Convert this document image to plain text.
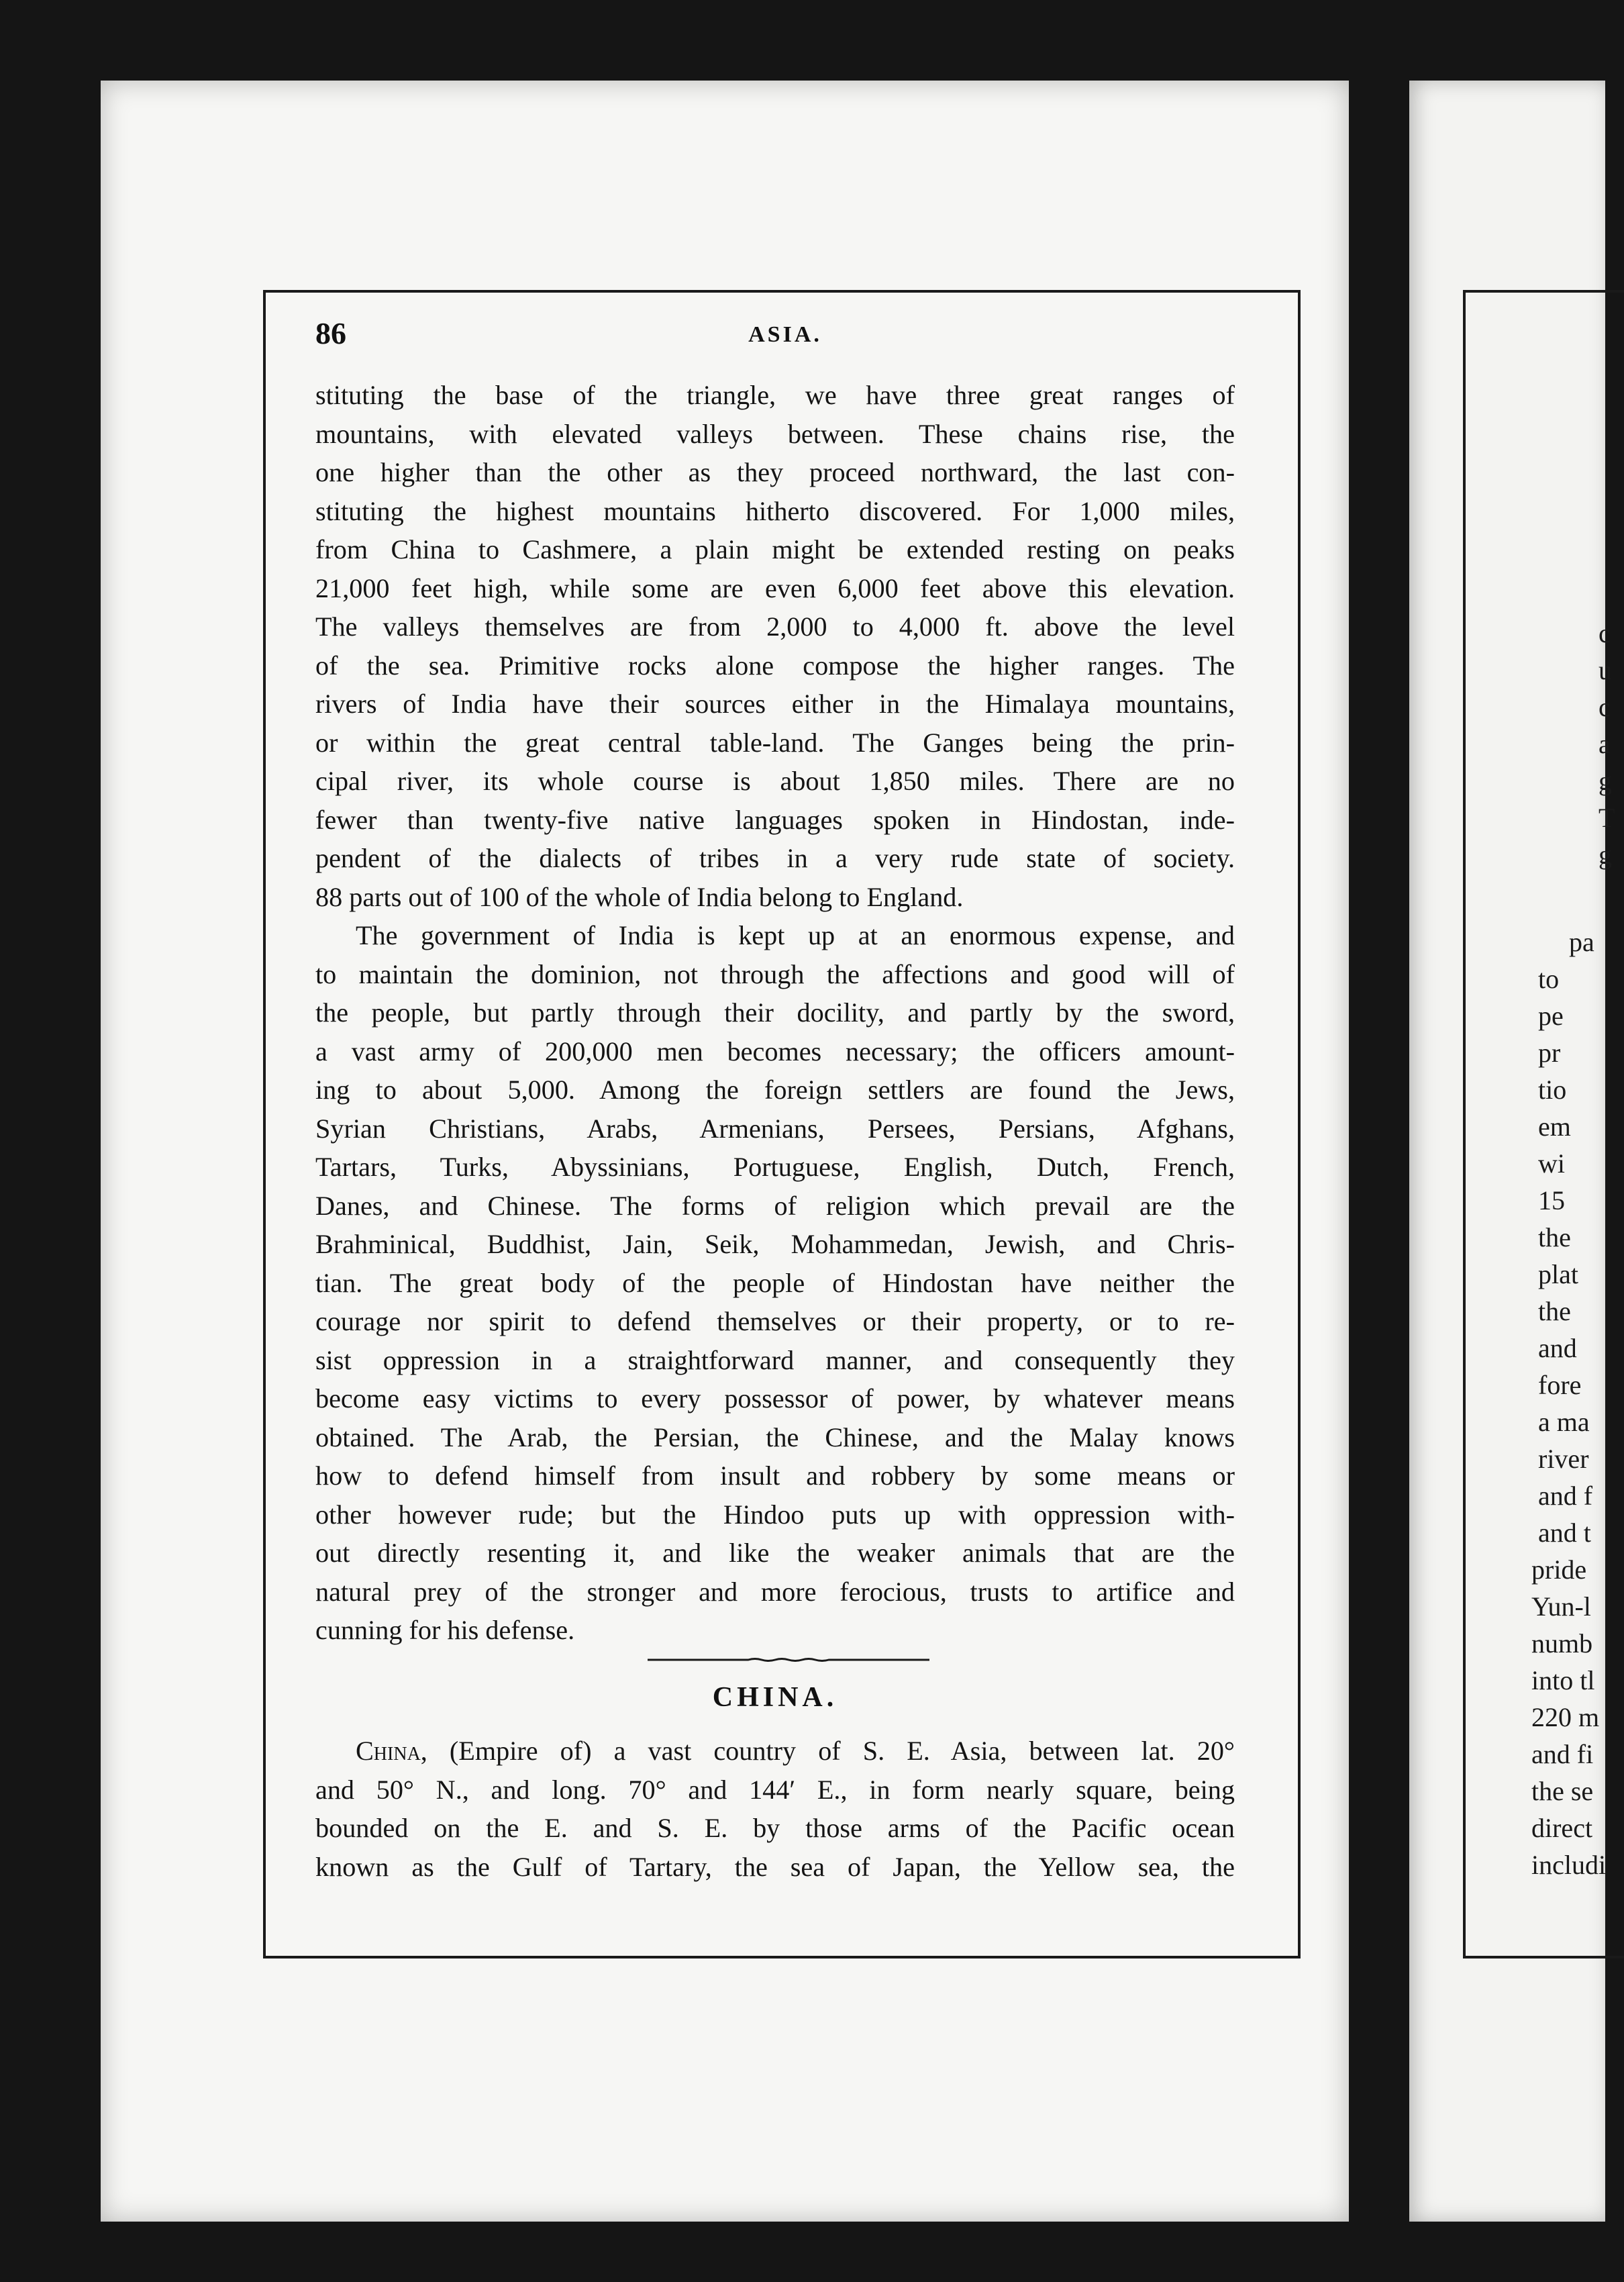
86	ASIA.
stituting the base of the triangle, we have three great ranges of
mountains, with elevated valleys between. These chains rise, the
one higher than the other as they proceed northward, the last con-
stituting the highest mountains hitherto discovered. For 1,000 miles,
from China to Cashmere, a plain might be extended resting on peaks
21,000 feet high, while some are even 6,000 feet above this elevation.
The valleys themselves are from 2,000 to 4,000 ft. above the level
of the sea. Primitive rocks alone compose the higher ranges. The
rivers of India have their sources either in the Himalaya mountains,
or within the great central table-land. The Ganges being the prin-
cipal river, its whole course is about 1,850 miles. There are no
fewer than twenty-five native languages spoken in Hindostan, inde-
pendent of the dialects of tribes in a very rude state of society.
88 parts out of 100 of the whole of India belong to England.
The government of India is kept up at an enormous expense, and
to maintain the dominion, not through the affections and good will of
the people, but partly through their docility, and partly by the sword,
a vast army of 200,000 men becomes necessary; the officers amount-
ing to about 5,000. Among the foreign settlers are found the Jews,
Syrian Christians, Arabs, Armenians, Persees, Persians, Afghans,
Tartars, Turks, Abyssinians, Portuguese, English, Dutch, French,
Danes, and Chinese. The forms of religion which prevail are the
Brahminical, Buddhist, Jain, Seik, Mohammedan, Jewish, and Chris-
tian. The great body of the people of Hindostan have neither the
courage nor spirit to defend themselves or their property, or to re-
sist oppression in a straightforward manner, and consequently they
become easy victims to every possessor of power, by whatever means
obtained. The Arab, the Persian, the Chinese, and the Malay knows
how to defend himself from insult and robbery by some means or
other however rude; but the Hindoo puts up with oppression with-
out directly resenting it, and like the weaker animals that are the
natural prey of the stronger and more ferocious, trusts to artifice and
cunning for his defense.
CHINA.
China, (Empire of) a vast country of S. E. Asia, between lat. 20°
and 50° N., and long. 70° and 144′ E., in form nearly square, being
bounded on the E. and S. E. by those arms of the Pacific ocean
known as the Gulf of Tartary, the sea of Japan, the Yellow sea, the
c
u
c
a
g
T
g
pa
to
pe
pr
tio
em
wi
15
the
plat
the
and
fore
a ma
river
and f
and t
pride
Yun-l
numb
into tl
220 m
and fi
the se
direct
includi
